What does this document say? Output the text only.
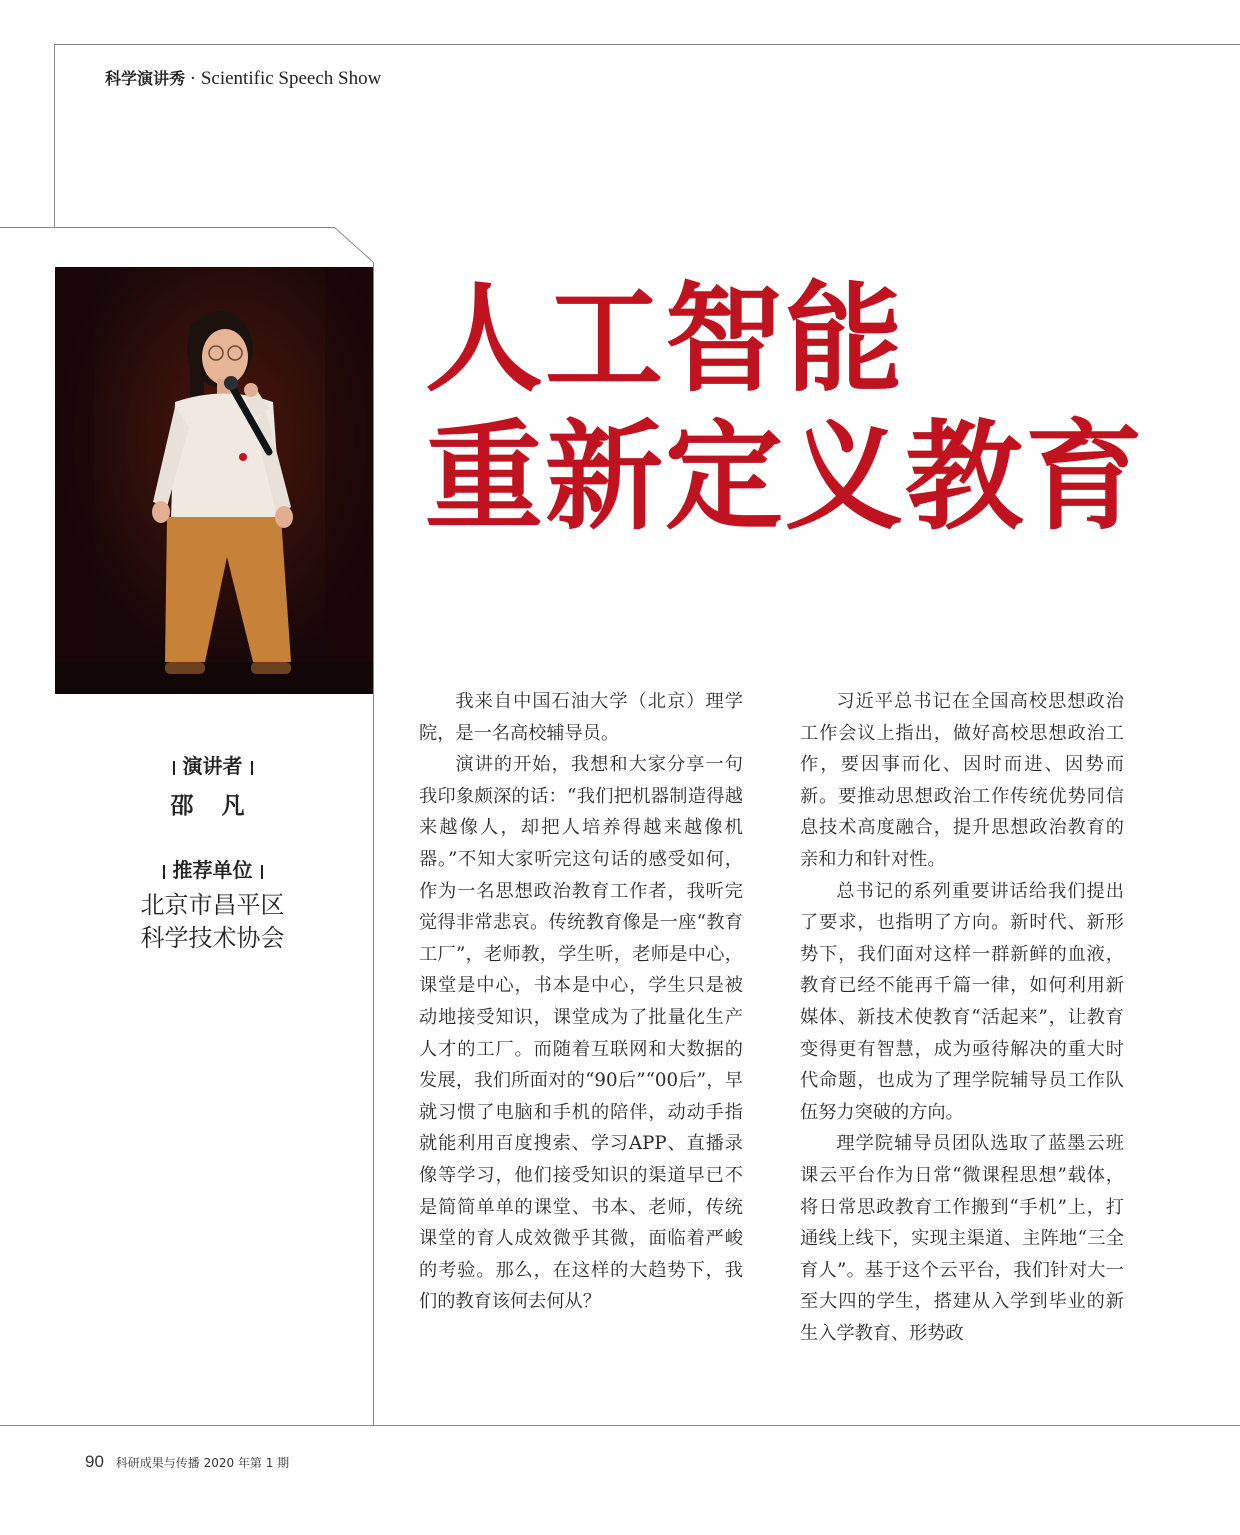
科学演讲秀 · Scientific Speech Show
人工智能
重新定义教育
演讲者
邵 凡
推荐单位
北京市昌平区
科学技术协会

我来自中国石油大学（北京）理学院，是一名高校辅导员。

演讲的开始，我想和大家分享一句我印象颇深的话：“我们把机器制造得越来越像人，却把人培养得越来越像机器。”不知大家听完这句话的感受如何，作为一名思想政治教育工作者，我听完觉得非常悲哀。传统教育像是一座“教育工厂”，老师教，学生听，老师是中心，课堂是中心，书本是中心，学生只是被动地接受知识，课堂成为了批量化生产人才的工厂。而随着互联网和大数据的发展，我们所面对的“90后”“00后”，早就习惯了电脑和手机的陪伴，动动手指就能利用百度搜索、学习APP、直播录像等学习，他们接受知识的渠道早已不是简简单单的课堂、书本、老师，传统课堂的育人成效微乎其微，面临着严峻的考验。那么，在这样的大趋势下，我们的教育该何去何从？

习近平总书记在全国高校思想政治工作会议上指出，做好高校思想政治工作，要因事而化、因时而进、因势而新。要推动思想政治工作传统优势同信息技术高度融合，提升思想政治教育的亲和力和针对性。

总书记的系列重要讲话给我们提出了要求，也指明了方向。新时代、新形势下，我们面对这样一群新鲜的血液，教育已经不能再千篇一律，如何利用新媒体、新技术使教育“活起来”，让教育变得更有智慧，成为亟待解决的重大时代命题，也成为了理学院辅导员工作队伍努力突破的方向。

理学院辅导员团队选取了蓝墨云班课云平台作为日常“微课程思想”载体，将日常思政教育工作搬到“手机”上，打通线上线下，实现主渠道、主阵地“三全育人”。基于这个云平台，我们针对大一至大四的学生，搭建从入学到毕业的新生入学教育、形势政

90 科研成果与传播 2020 年第 1 期
